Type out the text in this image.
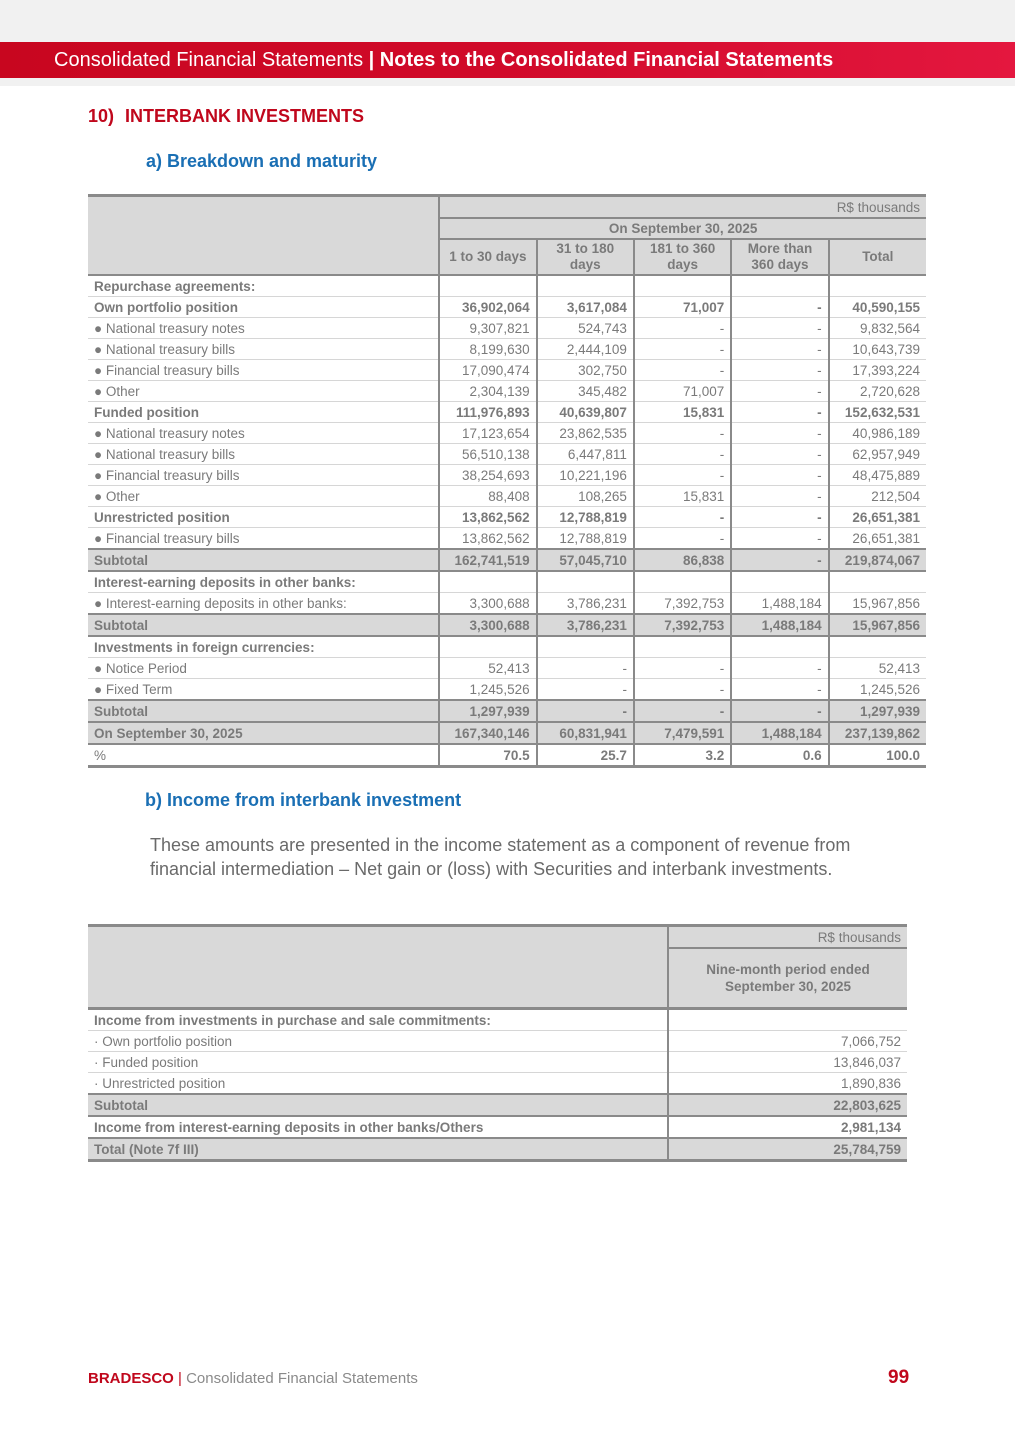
Consolidated Financial Statements | Notes to the Consolidated Financial Statements
10) INTERBANK INVESTMENTS
a) Breakdown and maturity
	R$ thousands				
	On September 30, 2025				
	1 to 30 days	31 to 180 days	181 to 360 days	More than 360 days	Total
Repurchase agreements:					
Own portfolio position	36,902,064	3,617,084	71,007	-	40,590,155
● National treasury notes	9,307,821	524,743	-	-	9,832,564
● National treasury bills	8,199,630	2,444,109	-	-	10,643,739
● Financial treasury bills	17,090,474	302,750	-	-	17,393,224
● Other	2,304,139	345,482	71,007	-	2,720,628
Funded position	111,976,893	40,639,807	15,831	-	152,632,531
● National treasury notes	17,123,654	23,862,535	-	-	40,986,189
● National treasury bills	56,510,138	6,447,811	-	-	62,957,949
● Financial treasury bills	38,254,693	10,221,196	-	-	48,475,889
● Other	88,408	108,265	15,831	-	212,504
Unrestricted position	13,862,562	12,788,819	-	-	26,651,381
● Financial treasury bills	13,862,562	12,788,819	-	-	26,651,381
Subtotal	162,741,519	57,045,710	86,838	-	219,874,067
Interest-earning deposits in other banks:					
● Interest-earning deposits in other banks:	3,300,688	3,786,231	7,392,753	1,488,184	15,967,856
Subtotal	3,300,688	3,786,231	7,392,753	1,488,184	15,967,856
Investments in foreign currencies:					
● Notice Period	52,413	-	-	-	52,413
● Fixed Term	1,245,526	-	-	-	1,245,526
Subtotal	1,297,939	-	-	-	1,297,939
On September 30, 2025	167,340,146	60,831,941	7,479,591	1,488,184	237,139,862
%	70.5	25.7	3.2	0.6	100.0
b) Income from interbank investment
These amounts are presented in the income statement as a component of revenue from financial intermediation – Net gain or (loss) with Securities and interbank investments.
	R$ thousands

	Nine-month period ended
September 30, 2025

Income from investments in purchase and sale commitments:	
· Own portfolio position	7,066,752
· Funded position	13,846,037
· Unrestricted position	1,890,836
Subtotal	22,803,625
Income from interest-earning deposits in other banks/Others	2,981,134
Total (Note 7f III)	25,784,759
BRADESCO | Consolidated Financial Statements	99
